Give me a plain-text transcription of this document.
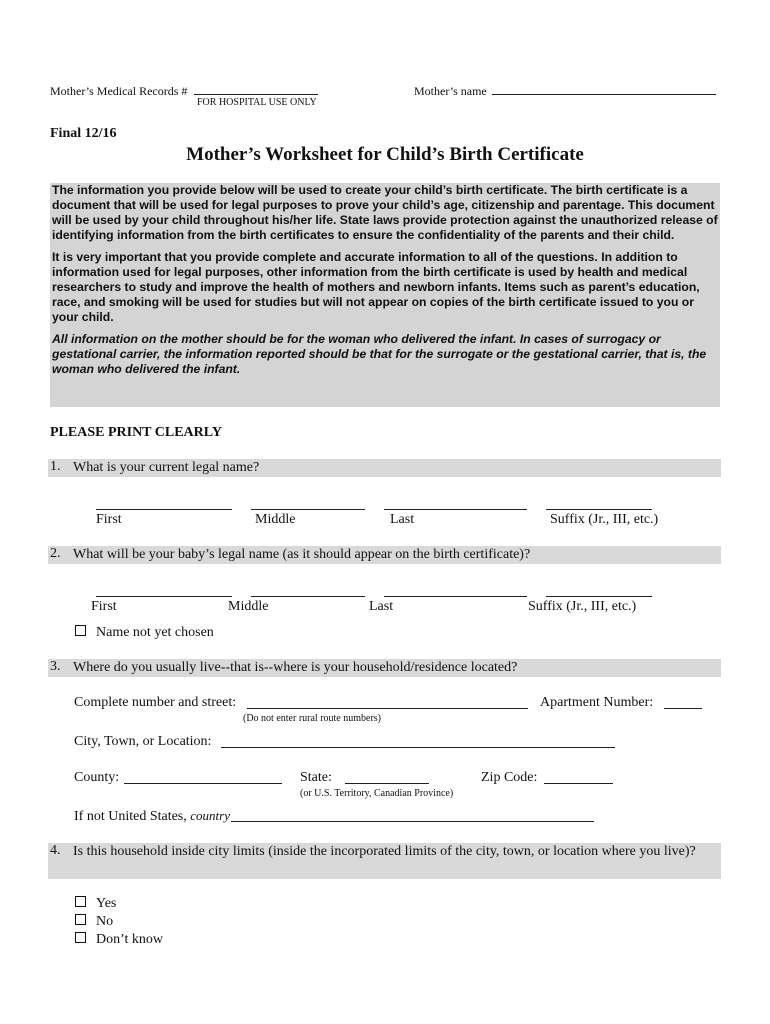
Mother’s Medical Records #
FOR HOSPITAL USE ONLY
Mother’s name
Final 12/16
Mother’s Worksheet for Child’s Birth Certificate

The information you provide below will be used to create your child’s birth certificate. The birth certificate is a document that will be used for legal purposes to prove your child’s age, citizenship and parentage. This document will be used by your child throughout his/her life. State laws provide protection against the unauthorized release of identifying information from the birth certificates to ensure the confidentiality of the parents and their child.

It is very important that you provide complete and accurate information to all of the questions. In addition to information used for legal purposes, other information from the birth certificate is used by health and medical researchers to study and improve the health of mothers and newborn infants. Items such as parent’s education, race, and smoking will be used for studies but will not appear on copies of the birth certificate issued to you or your child.

All information on the mother should be for the woman who delivered the infant. In cases of surrogacy or gestational carrier, the information reported should be that for the surrogate or the gestational carrier, that is, the woman who delivered the infant.

PLEASE PRINT CLEARLY
1. What is your current legal name?
First	Middle	Last	Suffix (Jr., III, etc.)
2. What will be your baby’s legal name (as it should appear on the birth certificate)?
First	Middle	Last	Suffix (Jr., III, etc.)
Name not yet chosen
3. Where do you usually live--that is--where is your household/residence located?
Complete number and street:	Apartment Number:
(Do not enter rural route numbers)
City, Town, or Location:
County:	State:	Zip Code:
(or U.S. Territory, Canadian Province)
If not United States, country
4. Is this household inside city limits (inside the incorporated limits of the city, town, or location where you live)?
Yes
No
Don’t know
